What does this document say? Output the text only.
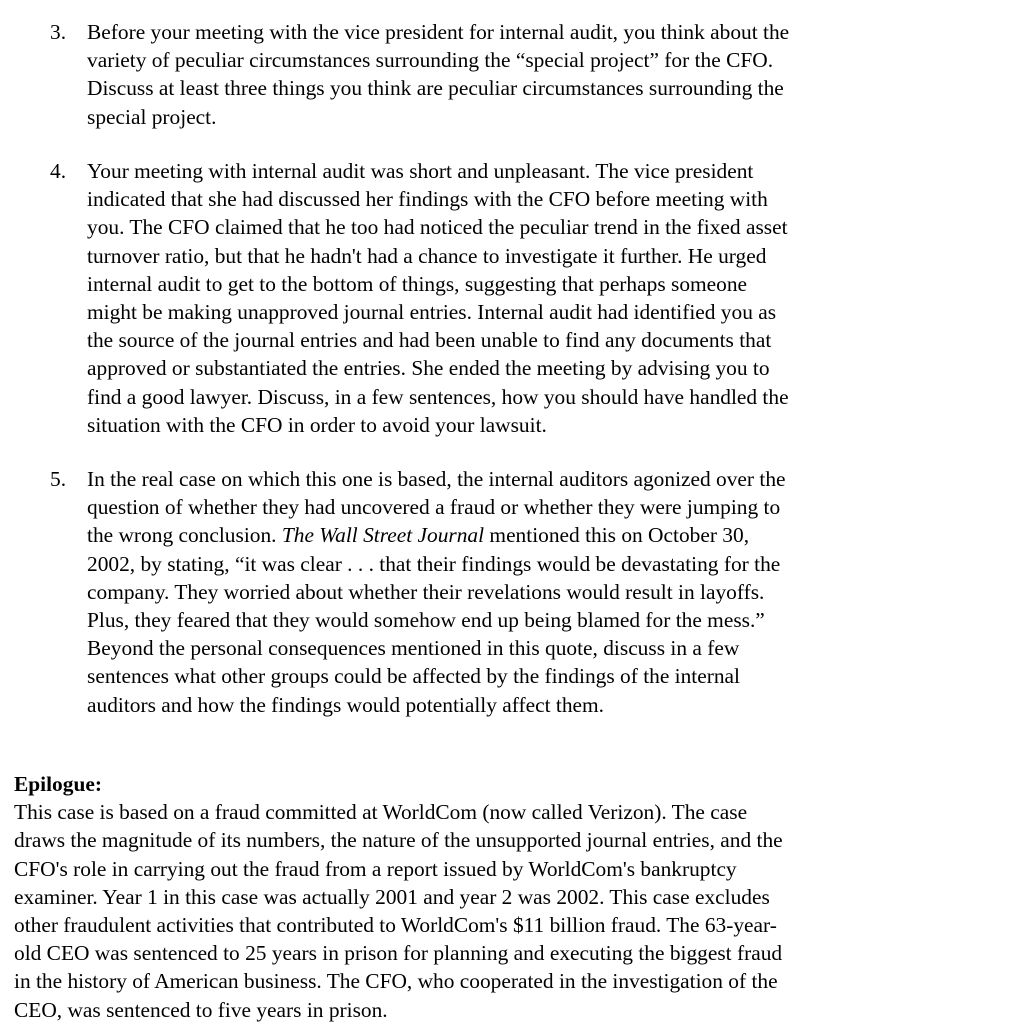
3. Before your meeting with the vice president for internal audit, you think about the
variety of peculiar circumstances surrounding the “special project” for the CFO.
Discuss at least three things you think are peculiar circumstances surrounding the
special project.
4. Your meeting with internal audit was short and unpleasant. The vice president
indicated that she had discussed her findings with the CFO before meeting with
you. The CFO claimed that he too had noticed the peculiar trend in the fixed asset
turnover ratio, but that he hadn't had a chance to investigate it further. He urged
internal audit to get to the bottom of things, suggesting that perhaps someone
might be making unapproved journal entries. Internal audit had identified you as
the source of the journal entries and had been unable to find any documents that
approved or substantiated the entries. She ended the meeting by advising you to
find a good lawyer. Discuss, in a few sentences, how you should have handled the
situation with the CFO in order to avoid your lawsuit.
5. In the real case on which this one is based, the internal auditors agonized over the
question of whether they had uncovered a fraud or whether they were jumping to
the wrong conclusion. The Wall Street Journal mentioned this on October 30,
2002, by stating, “it was clear . . . that their findings would be devastating for the
company. They worried about whether their revelations would result in layoffs.
Plus, they feared that they would somehow end up being blamed for the mess.”
Beyond the personal consequences mentioned in this quote, discuss in a few
sentences what other groups could be affected by the findings of the internal
auditors and how the findings would potentially affect them.
Epilogue:
This case is based on a fraud committed at WorldCom (now called Verizon). The case
draws the magnitude of its numbers, the nature of the unsupported journal entries, and the
CFO's role in carrying out the fraud from a report issued by WorldCom's bankruptcy
examiner. Year 1 in this case was actually 2001 and year 2 was 2002. This case excludes
other fraudulent activities that contributed to WorldCom's $11 billion fraud. The 63-year-
old CEO was sentenced to 25 years in prison for planning and executing the biggest fraud
in the history of American business. The CFO, who cooperated in the investigation of the
CEO, was sentenced to five years in prison.
